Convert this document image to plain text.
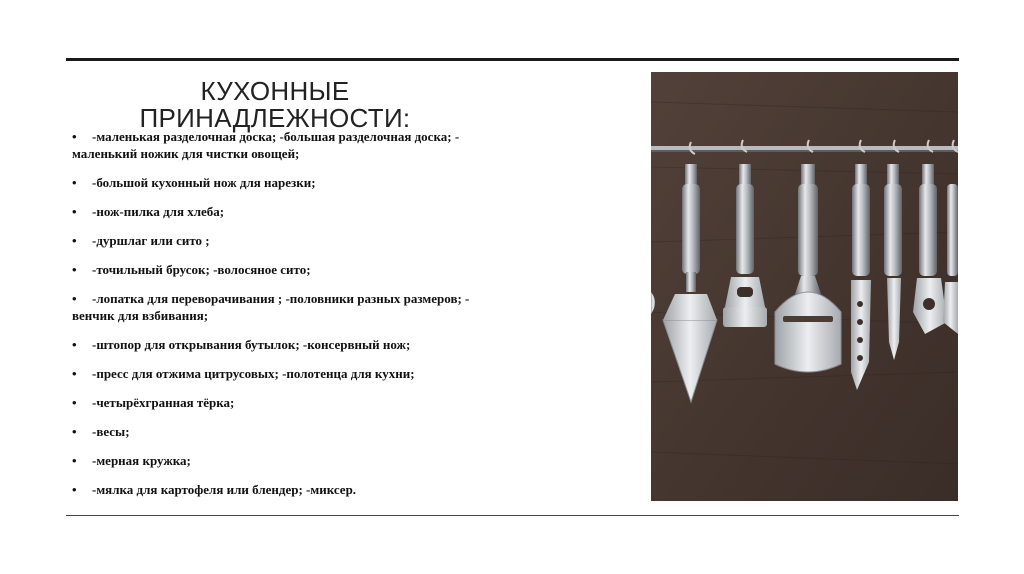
КУХОННЫЕ ПРИНАДЛЕЖНОСТИ:
• -маленькая разделочная доска; -большая разделочная доска; -
маленький ножик для чистки овощей;
• -большой кухонный нож для нарезки;
• -нож-пилка для хлеба;
• -дуршлаг или сито ;
• -точильный брусок; -волосяное сито;
• -лопатка для переворачивания ; -половники разных размеров; -
венчик для взбивания;
• -штопор для открывания бутылок; -консервный нож;
• -пресс для отжима цитрусовых; -полотенца для кухни;
• -четырёхгранная тёрка;
• -весы;
• -мерная кружка;
• -мялка для картофеля или блендер; -миксер.
